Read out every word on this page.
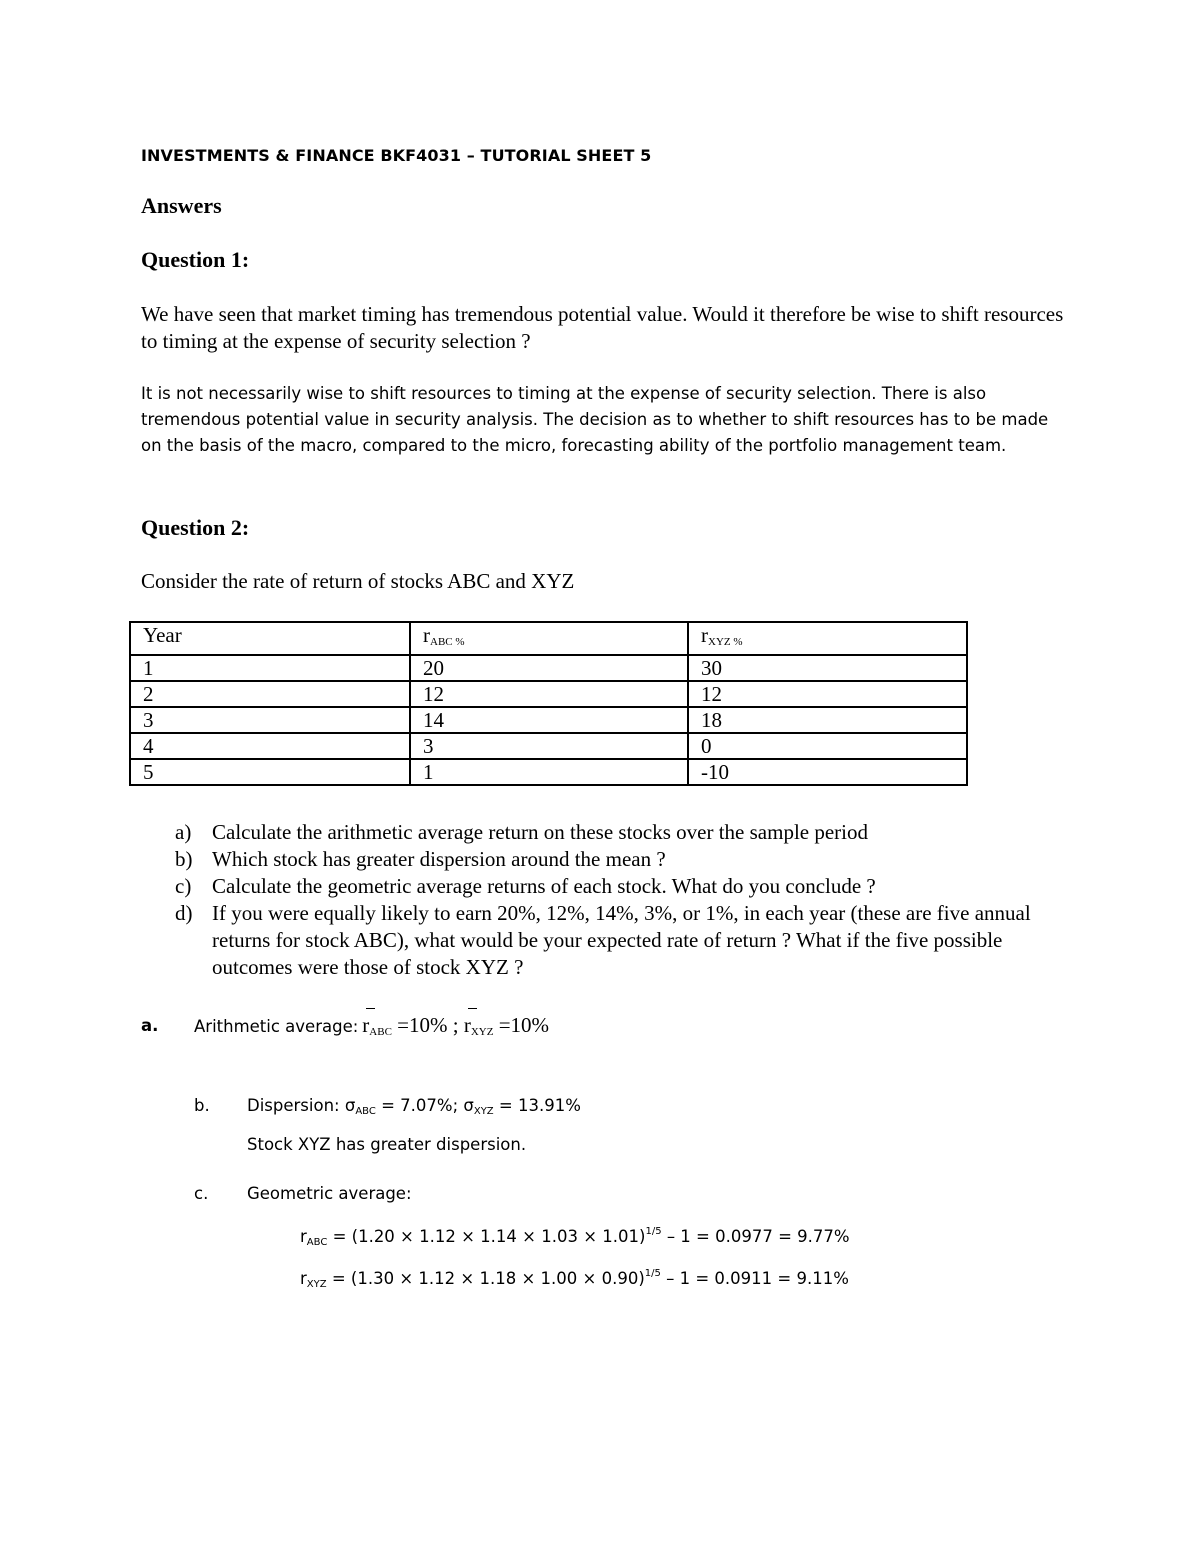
INVESTMENTS & FINANCE BKF4031 – TUTORIAL SHEET 5

Answers

Question 1:

We have seen that market timing has tremendous potential value. Would it therefore be wise to shift resources to timing at the expense of security selection ?

It is not necessarily wise to shift resources to timing at the expense of security selection. There is also tremendous potential value in security analysis. The decision as to whether to shift resources has to be made on the basis of the macro, compared to the micro, forecasting ability of the portfolio management team.

Question 2:

Consider the rate of return of stocks ABC and XYZ

Year	$r_{ABC \%}$	$r_{XYZ \%}$
1	20	30
2	12	12
3	14	18
4	3	0
5	1	-10
a) Calculate the arithmetic average return on these stocks over the sample period
b) Which stock has greater dispersion around the mean ?
c) Calculate the geometric average returns of each stock. What do you conclude ?
d) If you were equally likely to earn 20%, 12%, 14%, 3%, or 1%, in each year (these are five annual returns for stock ABC), what would be your expected rate of return ? What if the five possible outcomes were those of stock XYZ ?

a. Arithmetic average: $r_{ABC} =10\%$ ; $r_{XYZ} =10\%$

b. Dispersion: $\sigma_{ABC} = 7.07\%$; $\sigma_{XYZ} = 13.91\%$

Stock XYZ has greater dispersion.

c. Geometric average:

$r_{ABC} = (1.20 \times 1.12 \times 1.14 \times 1.03 \times 1.01)^{1/5} - 1 = 0.0977 = 9.77\%$

$r_{XYZ} = (1.30 \times 1.12 \times 1.18 \times 1.00 \times 0.90)^{1/5} - 1 = 0.0911 = 9.11\%$
